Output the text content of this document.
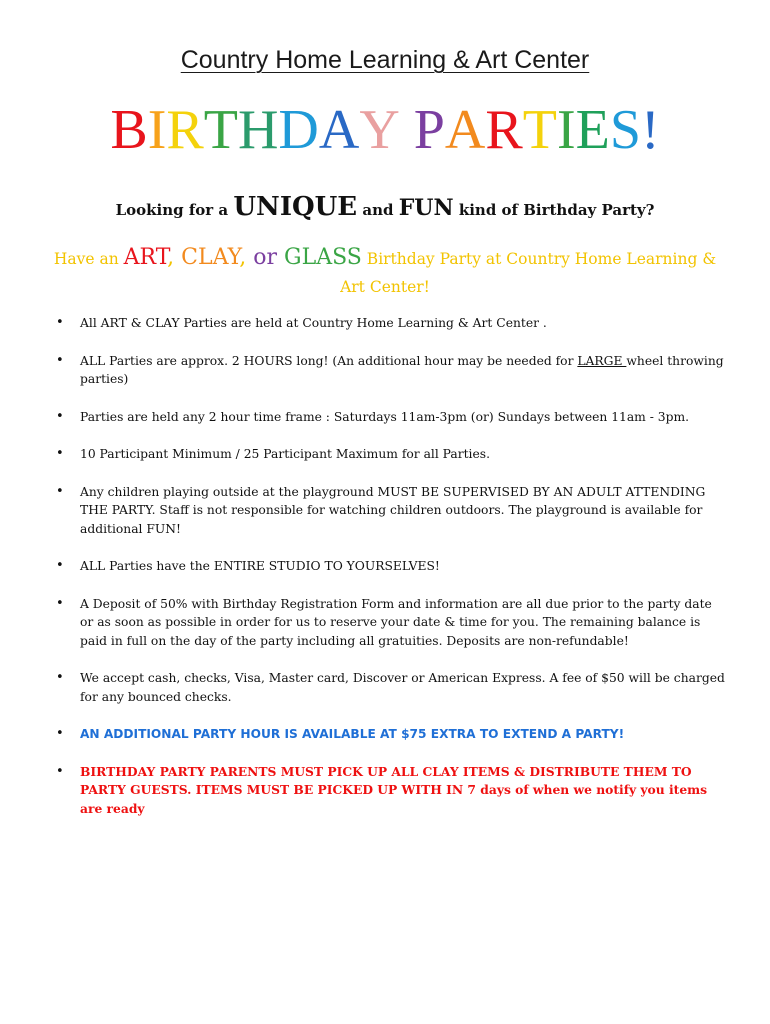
Country Home Learning & Art Center
BIRTHDAY PARTIES!
Looking for a UNIQUE and FUN kind of Birthday Party?
Have an ART, CLAY, or GLASS Birthday Party at Country Home Learning & Art Center!
• All ART & CLAY Parties are held at Country Home Learning & Art Center .
• ALL Parties are approx. 2 HOURS long! (An additional hour may be needed for LARGE wheel throwing parties)
• Parties are held any 2 hour time frame : Saturdays 11am-3pm (or) Sundays between 11am - 3pm.
• 10 Participant Minimum / 25 Participant Maximum for all Parties.
• Any children playing outside at the playground MUST BE SUPERVISED BY AN ADULT ATTENDING THE PARTY. Staff is not responsible for watching children outdoors. The playground is available for additional FUN!
• ALL Parties have the ENTIRE STUDIO TO YOURSELVES!
• A Deposit of 50% with Birthday Registration Form and information are all due prior to the party date or as soon as possible in order for us to reserve your date & time for you. The remaining balance is paid in full on the day of the party including all gratuities. Deposits are non-refundable!
• We accept cash, checks, Visa, Master card, Discover or American Express. A fee of $50 will be charged for any bounced checks.
• AN ADDITIONAL PARTY HOUR IS AVAILABLE AT $75 EXTRA TO EXTEND A PARTY!
• BIRTHDAY PARTY PARENTS MUST PICK UP ALL CLAY ITEMS & DISTRIBUTE THEM TO PARTY GUESTS. ITEMS MUST BE PICKED UP WITH IN 7 days of when we notify you items are ready
